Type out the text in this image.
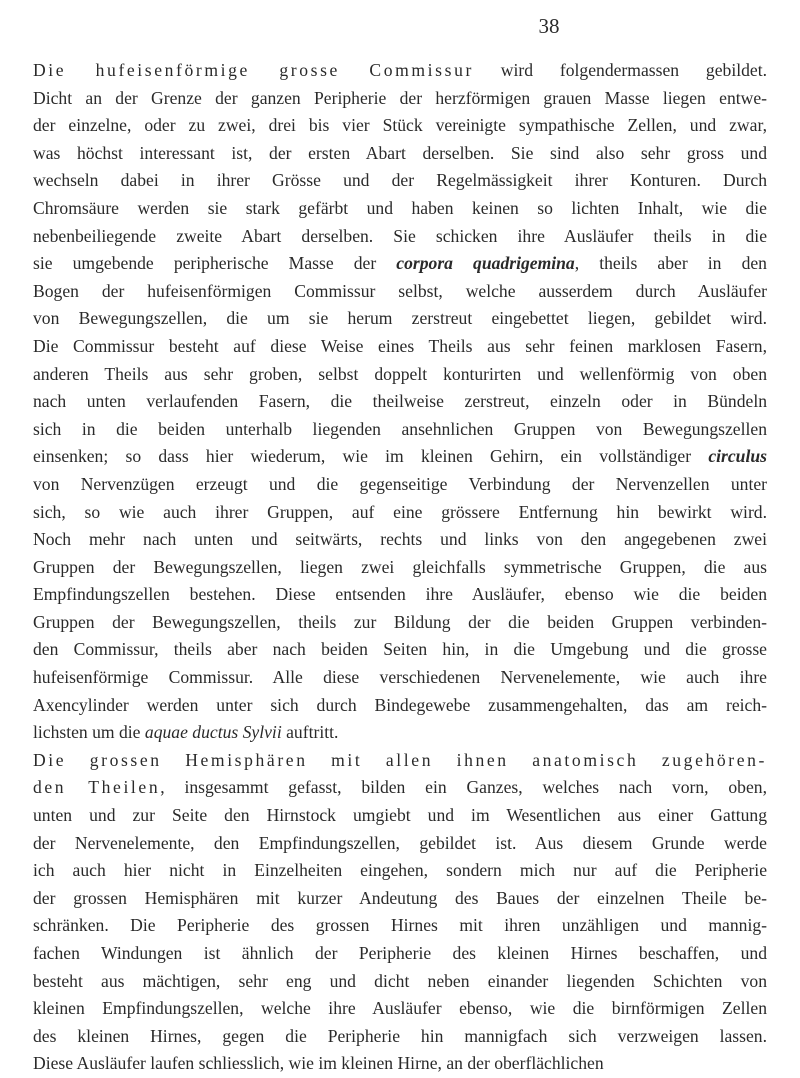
38
Die hufeisenförmige grosse Commissur wird folgendermassen gebildet.
Dicht an der Grenze der ganzen Peripherie der herzförmigen grauen Masse liegen entwe-
der einzelne, oder zu zwei, drei bis vier Stück vereinigte sympathische Zellen, und zwar,
was höchst interessant ist, der ersten Abart derselben. Sie sind also sehr gross und
wechseln dabei in ihrer Grösse und der Regelmässigkeit ihrer Konturen. Durch
Chromsäure werden sie stark gefärbt und haben keinen so lichten Inhalt, wie die
nebenbeiliegende zweite Abart derselben. Sie schicken ihre Ausläufer theils in die
sie umgebende peripherische Masse der corpora quadrigemina, theils aber in den
Bogen der hufeisenförmigen Commissur selbst, welche ausserdem durch Ausläufer
von Bewegungszellen, die um sie herum zerstreut eingebettet liegen, gebildet wird.
Die Commissur besteht auf diese Weise eines Theils aus sehr feinen marklosen Fasern,
anderen Theils aus sehr groben, selbst doppelt konturirten und wellenförmig von oben
nach unten verlaufenden Fasern, die theilweise zerstreut, einzeln oder in Bündeln
sich in die beiden unterhalb liegenden ansehnlichen Gruppen von Bewegungszellen
einsenken; so dass hier wiederum, wie im kleinen Gehirn, ein vollständiger circulus
von Nervenzügen erzeugt und die gegenseitige Verbindung der Nervenzellen unter
sich, so wie auch ihrer Gruppen, auf eine grössere Entfernung hin bewirkt wird.
Noch mehr nach unten und seitwärts, rechts und links von den angegebenen zwei
Gruppen der Bewegungszellen, liegen zwei gleichfalls symmetrische Gruppen, die aus
Empfindungszellen bestehen. Diese entsenden ihre Ausläufer, ebenso wie die beiden
Gruppen der Bewegungszellen, theils zur Bildung der die beiden Gruppen verbinden-
den Commissur, theils aber nach beiden Seiten hin, in die Umgebung und die grosse
hufeisenförmige Commissur. Alle diese verschiedenen Nervenelemente, wie auch ihre
Axencylinder werden unter sich durch Bindegewebe zusammengehalten, das am reich-
lichsten um die aquae ductus Sylvii auftritt.
Die grossen Hemisphären mit allen ihnen anatomisch zugehören-
den Theilen, insgesammt gefasst, bilden ein Ganzes, welches nach vorn, oben,
unten und zur Seite den Hirnstock umgiebt und im Wesentlichen aus einer Gattung
der Nervenelemente, den Empfindungszellen, gebildet ist. Aus diesem Grunde werde
ich auch hier nicht in Einzelheiten eingehen, sondern mich nur auf die Peripherie
der grossen Hemisphären mit kurzer Andeutung des Baues der einzelnen Theile be-
schränken. Die Peripherie des grossen Hirnes mit ihren unzähligen und mannig-
fachen Windungen ist ähnlich der Peripherie des kleinen Hirnes beschaffen, und
besteht aus mächtigen, sehr eng und dicht neben einander liegenden Schichten von
kleinen Empfindungszellen, welche ihre Ausläufer ebenso, wie die birnförmigen Zellen
des kleinen Hirnes, gegen die Peripherie hin mannigfach sich verzweigen lassen.
Diese Ausläufer laufen schliesslich, wie im kleinen Hirne, an der oberflächlichen
